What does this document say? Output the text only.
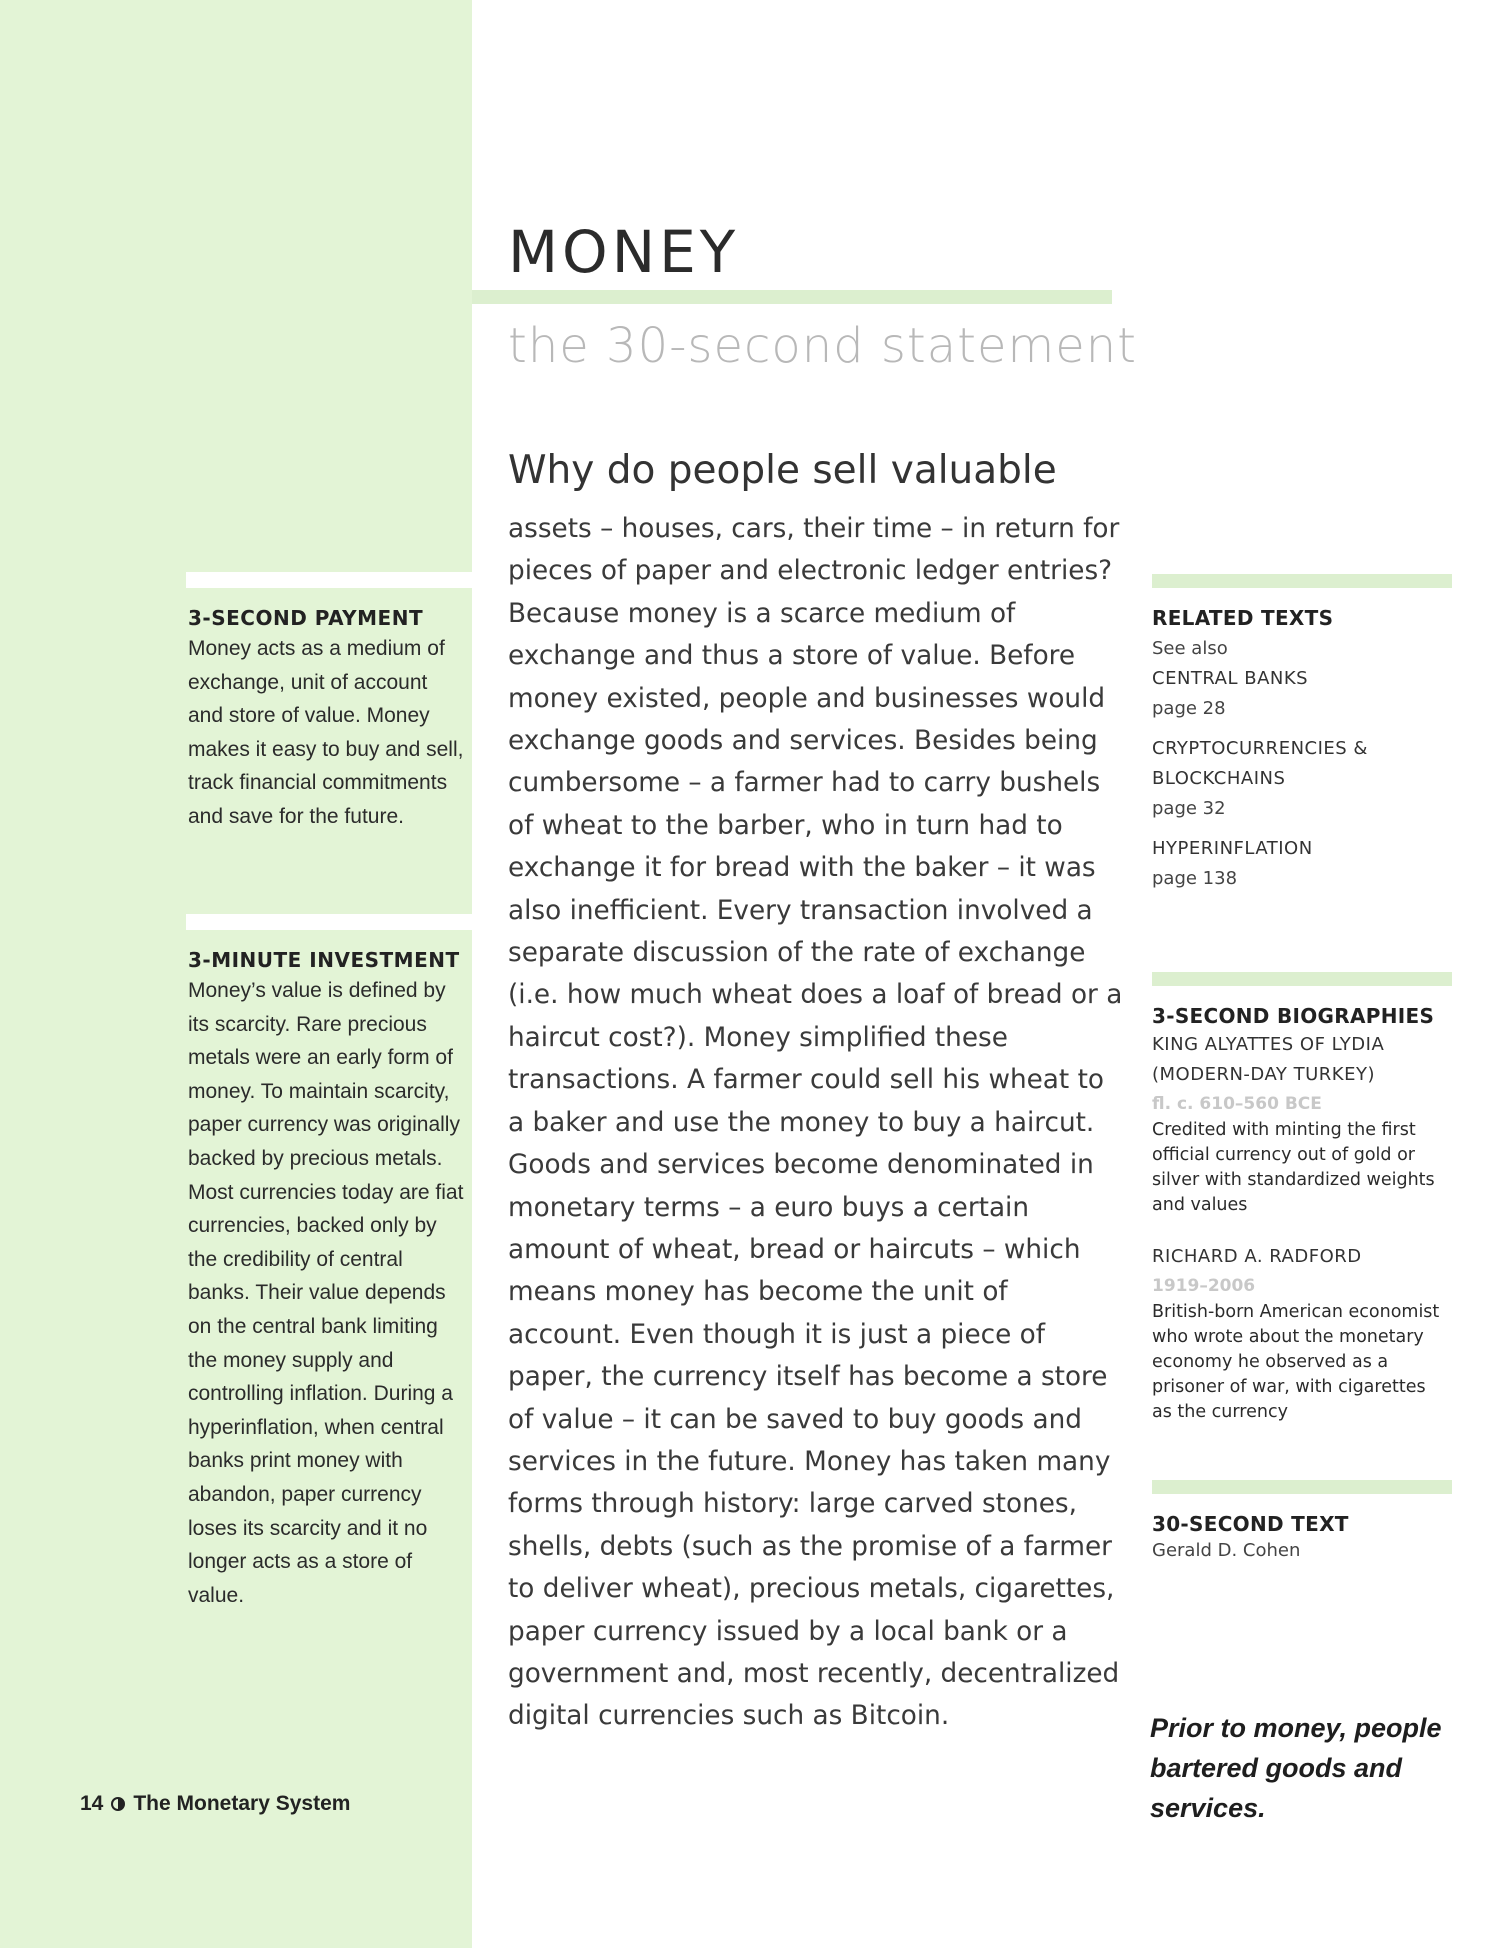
MONEY
the 30-second statement
Why do people sell valuable
assets – houses, cars, their time – in return for pieces of paper and electronic ledger entries? Because money is a scarce medium of exchange and thus a store of value. Before money existed, people and businesses would exchange goods and services. Besides being cumbersome – a farmer had to carry bushels of wheat to the barber, who in turn had to exchange it for bread with the baker – it was also inefficient. Every transaction involved a separate discussion of the rate of exchange (i.e. how much wheat does a loaf of bread or a haircut cost?). Money simplified these transactions. A farmer could sell his wheat to a baker and use the money to buy a haircut. Goods and services become denominated in monetary terms – a euro buys a certain amount of wheat, bread or haircuts – which means money has become the unit of account. Even though it is just a piece of paper, the currency itself has become a store of value – it can be saved to buy goods and services in the future. Money has taken many forms through history: large carved stones, shells, debts (such as the promise of a farmer to deliver wheat), precious metals, cigarettes, paper currency issued by a local bank or a government and, most recently, decentralized digital currencies such as Bitcoin.
3-SECOND PAYMENT
Money acts as a medium of exchange, unit of account and store of value. Money makes it easy to buy and sell, track financial commitments and save for the future.
3-MINUTE INVESTMENT
Money’s value is defined by its scarcity. Rare precious metals were an early form of money. To maintain scarcity, paper currency was originally backed by precious metals. Most currencies today are fiat currencies, backed only by the credibility of central banks. Their value depends on the central bank limiting the money supply and controlling inflation. During a hyperinflation, when central banks print money with abandon, paper currency loses its scarcity and it no longer acts as a store of value.
14 The Monetary System
RELATED TEXTS
See also
CENTRAL BANKS
page 28
CRYPTOCURRENCIES & BLOCKCHAINS
page 32
HYPERINFLATION
page 138
3-SECOND BIOGRAPHIES
KING ALYATTES OF LYDIA (MODERN-DAY TURKEY)
fl. c. 610–560 BCE
Credited with minting the first official currency out of gold or silver with standardized weights and values
RICHARD A. RADFORD
1919–2006
British-born American economist who wrote about the monetary economy he observed as a prisoner of war, with cigarettes as the currency
30-SECOND TEXT
Gerald D. Cohen
Prior to money, people bartered goods and services.
